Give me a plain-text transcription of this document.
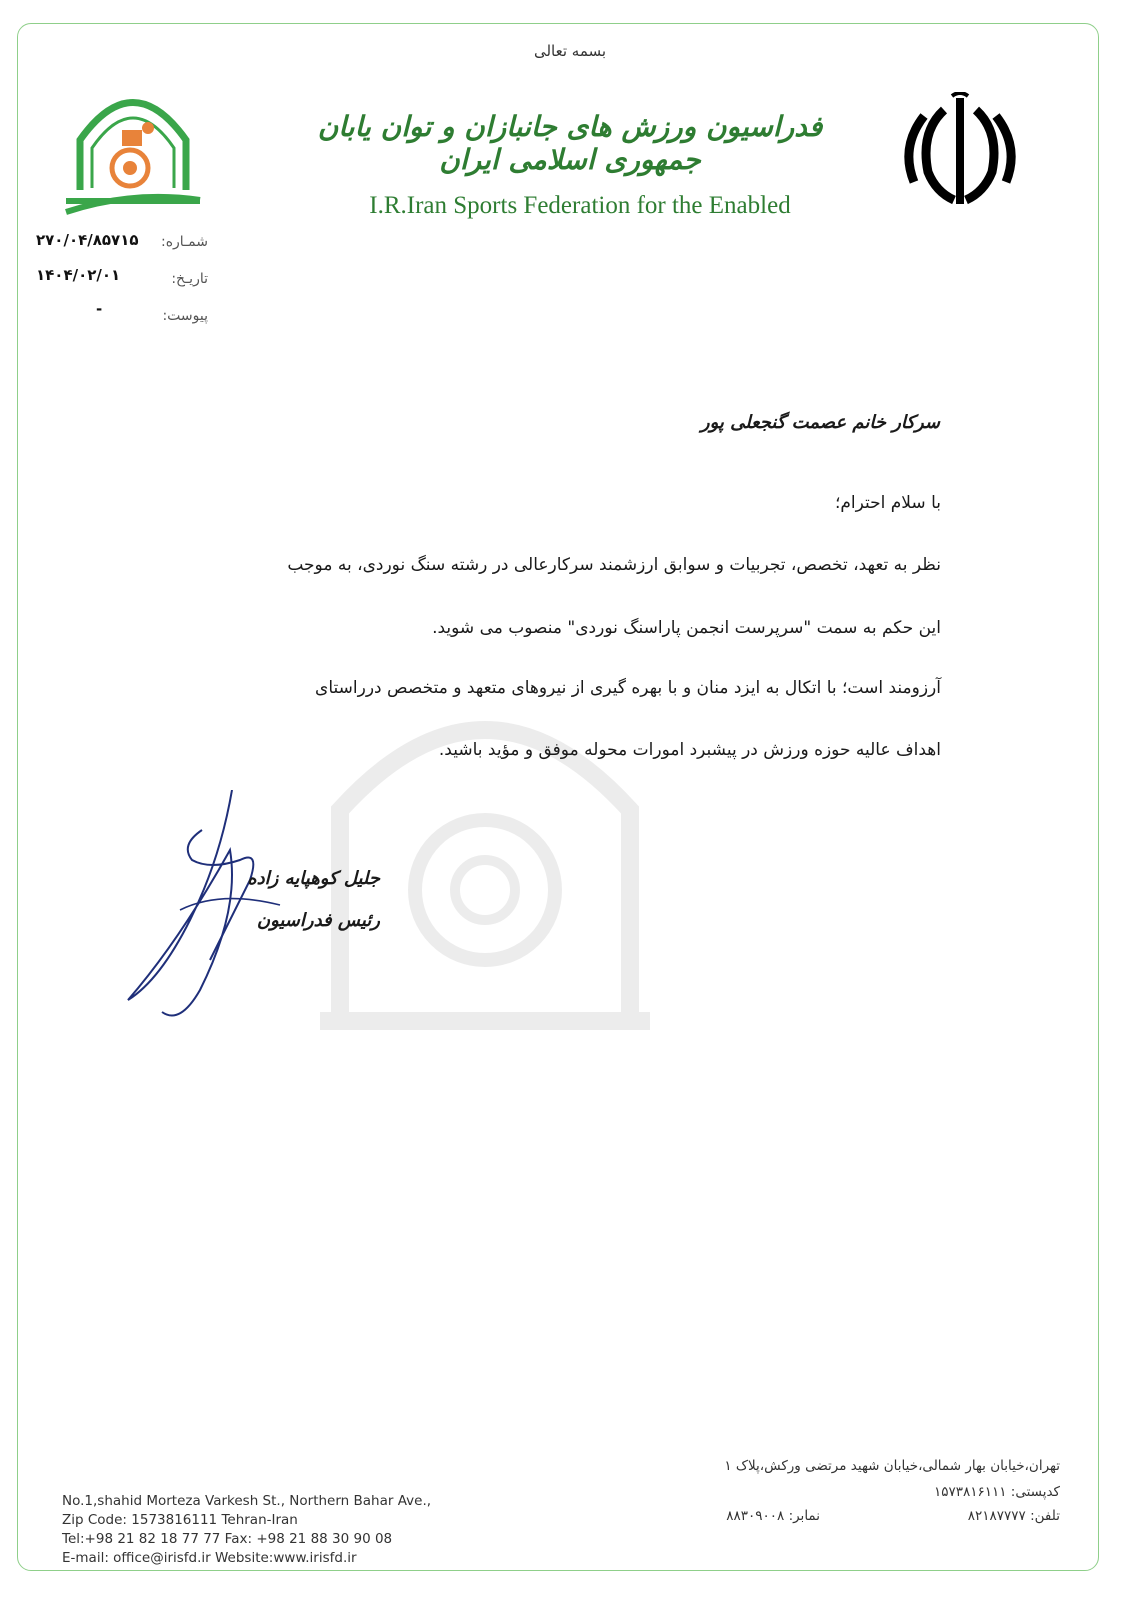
بسمه تعالی
فدراسیون ورزش های جانبازان و توان یابان جمهوری اسلامی ایران
I.R.Iran Sports Federation for the Enabled
شمـاره:
۲۷۰/۰۴/۸۵۷۱۵
تاریـخ:
۱۴۰۴/۰۲/۰۱
پیوست:
-
سرکار خانم عصمت گنجعلی پور
با سلام احترام؛
نظر به تعهد، تخصص، تجربیات و سوابق ارزشمند سرکارعالی در رشته سنگ نوردی، به موجب
این حکم به سمت "سرپرست انجمن پاراسنگ نوردی" منصوب می شوید.
آرزومند است؛ با اتکال به ایزد منان و با بهره گیری از نیروهای متعهد و متخصص درراستای
اهداف عالیه حوزه ورزش در پیشبرد امورات محوله موفق و مؤید باشید.
جلیل کوهپایه زاده
رئیس فدراسیون
No.1,shahid Morteza Varkesh St., Northern Bahar Ave.,
Zip Code: 1573816111 Tehran-Iran
Tel:+98 21 82 18 77 77 Fax: +98 21 88 30 90 08
E-mail: office@irisfd.ir Website:www.irisfd.ir
تهران،خیابان بهار شمالی،خیابان شهید مرتضی ورکش،پلاک ۱
کدپستی: ۱۵۷۳۸۱۶۱۱۱
تلفن: ۸۲۱۸۷۷۷۷
نمابر: ۸۸۳۰۹۰۰۸
